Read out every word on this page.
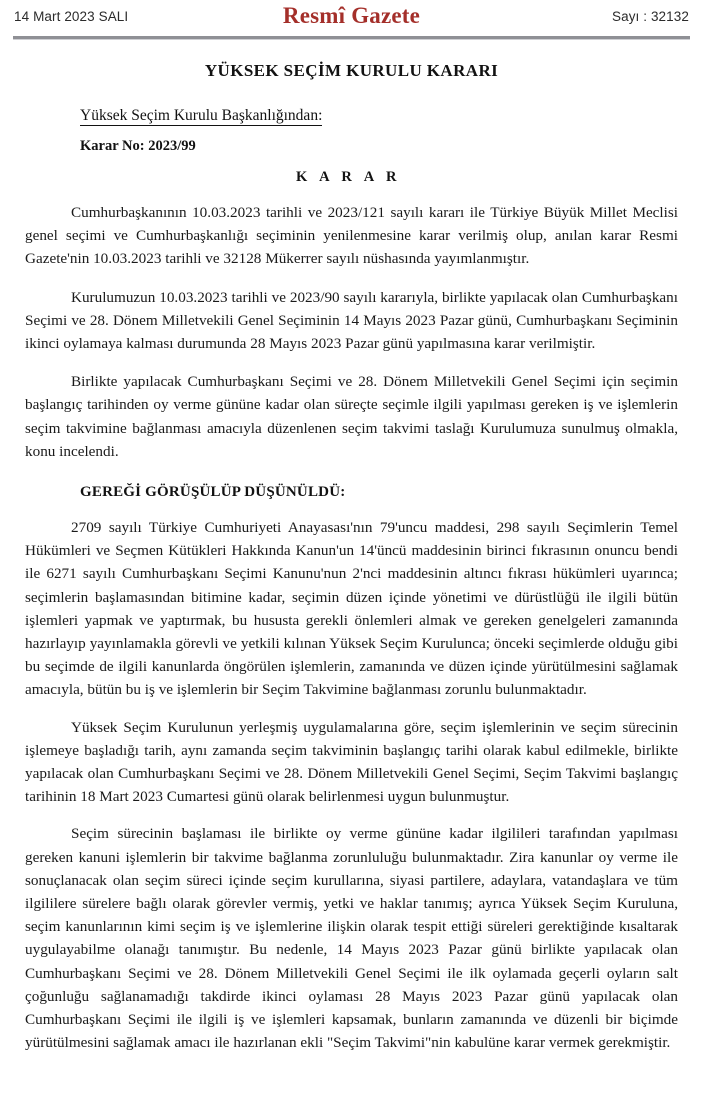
14 Mart 2023 SALI	Resmî Gazete	Sayı : 32132
YÜKSEK SEÇİM KURULU KARARI
Yüksek Seçim Kurulu Başkanlığından:
Karar No: 2023/99
K A R A R

Cumhurbaşkanının 10.03.2023 tarihli ve 2023/121 sayılı kararı ile Türkiye Büyük Millet Meclisi genel seçimi ve Cumhurbaşkanlığı seçiminin yenilenmesine karar verilmiş olup, anılan karar Resmi Gazete'nin 10.03.2023 tarihli ve 32128 Mükerrer sayılı nüshasında yayımlanmıştır.

Kurulumuzun 10.03.2023 tarihli ve 2023/90 sayılı kararıyla, birlikte yapılacak olan Cumhurbaşkanı Seçimi ve 28. Dönem Milletvekili Genel Seçiminin 14 Mayıs 2023 Pazar günü, Cumhurbaşkanı Seçiminin ikinci oylamaya kalması durumunda 28 Mayıs 2023 Pazar günü yapılmasına karar verilmiştir.

Birlikte yapılacak Cumhurbaşkanı Seçimi ve 28. Dönem Milletvekili Genel Seçimi için seçimin başlangıç tarihinden oy verme gününe kadar olan süreçte seçimle ilgili yapılması gereken iş ve işlemlerin seçim takvimine bağlanması amacıyla düzenlenen seçim takvimi taslağı Kurulumuza sunulmuş olmakla, konu incelendi.

GEREĞİ GÖRÜŞÜLÜP DÜŞÜNÜLDÜ:

2709 sayılı Türkiye Cumhuriyeti Anayasası'nın 79'uncu maddesi, 298 sayılı Seçimlerin Temel Hükümleri ve Seçmen Kütükleri Hakkında Kanun'un 14'üncü maddesinin birinci fıkrasının onuncu bendi ile 6271 sayılı Cumhurbaşkanı Seçimi Kanunu'nun 2'nci maddesinin altıncı fıkrası hükümleri uyarınca; seçimlerin başlamasından bitimine kadar, seçimin düzen içinde yönetimi ve dürüstlüğü ile ilgili bütün işlemleri yapmak ve yaptırmak, bu hususta gerekli önlemleri almak ve gereken genelgeleri zamanında hazırlayıp yayınlamakla görevli ve yetkili kılınan Yüksek Seçim Kurulunca; önceki seçimlerde olduğu gibi bu seçimde de ilgili kanunlarda öngörülen işlemlerin, zamanında ve düzen içinde yürütülmesini sağlamak amacıyla, bütün bu iş ve işlemlerin bir Seçim Takvimine bağlanması zorunlu bulunmaktadır.

Yüksek Seçim Kurulunun yerleşmiş uygulamalarına göre, seçim işlemlerinin ve seçim sürecinin işlemeye başladığı tarih, aynı zamanda seçim takviminin başlangıç tarihi olarak kabul edilmekle, birlikte yapılacak olan Cumhurbaşkanı Seçimi ve 28. Dönem Milletvekili Genel Seçimi, Seçim Takvimi başlangıç tarihinin 18 Mart 2023 Cumartesi günü olarak belirlenmesi uygun bulunmuştur.

Seçim sürecinin başlaması ile birlikte oy verme gününe kadar ilgilileri tarafından yapılması gereken kanuni işlemlerin bir takvime bağlanma zorunluluğu bulunmaktadır. Zira kanunlar oy verme ile sonuçlanacak olan seçim süreci içinde seçim kurullarına, siyasi partilere, adaylara, vatandaşlara ve tüm ilgililere sürelere bağlı olarak görevler vermiş, yetki ve haklar tanımış; ayrıca Yüksek Seçim Kuruluna, seçim kanunlarının kimi seçim iş ve işlemlerine ilişkin olarak tespit ettiği süreleri gerektiğinde kısaltarak uygulayabilme olanağı tanımıştır. Bu nedenle, 14 Mayıs 2023 Pazar günü birlikte yapılacak olan Cumhurbaşkanı Seçimi ve 28. Dönem Milletvekili Genel Seçimi ile ilk oylamada geçerli oyların salt çoğunluğu sağlanamadığı takdirde ikinci oylaması 28 Mayıs 2023 Pazar günü yapılacak olan Cumhurbaşkanı Seçimi ile ilgili iş ve işlemleri kapsamak, bunların zamanında ve düzenli bir biçimde yürütülmesini sağlamak amacı ile hazırlanan ekli "Seçim Takvimi"nin kabulüne karar vermek gerekmiştir.
